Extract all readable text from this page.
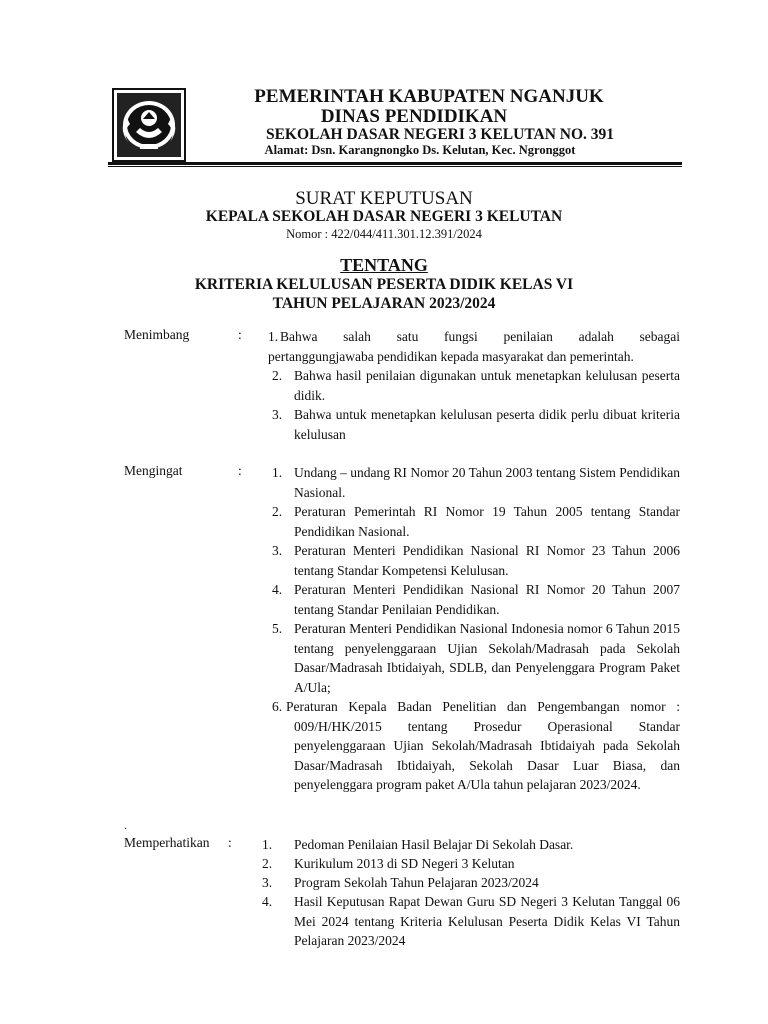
PEMERINTAH KABUPATEN NGANJUK
DINAS PENDIDIKAN
SEKOLAH DASAR NEGERI 3 KELUTAN NO. 391
Alamat: Dsn. Karangnongko Ds. Kelutan, Kec. Ngronggot
SURAT KEPUTUSAN
KEPALA SEKOLAH DASAR NEGERI 3 KELUTAN
Nomor : 422/044/411.301.12.391/2024
TENTANG
KRITERIA KELULUSAN PESERTA DIDIK KELAS VI
TAHUN PELAJARAN 2023/2024
Menimbang	: 1. Bahwa salah satu fungsi penilaian adalah sebagai
pertanggungjawaba pendidikan kepada masyarakat dan pemerintah.
2. Bahwa hasil penilaian digunakan untuk menetapkan kelulusan peserta didik.
3. Bahwa untuk menetapkan kelulusan peserta didik perlu dibuat kriteria kelulusan
Mengingat	: 1. Undang – undang RI Nomor 20 Tahun 2003 tentang Sistem Pendidikan Nasional.
2. Peraturan Pemerintah RI Nomor 19 Tahun 2005 tentang Standar Pendidikan Nasional.
3. Peraturan Menteri Pendidikan Nasional RI Nomor 23 Tahun 2006 tentang Standar Kompetensi Kelulusan.
4. Peraturan Menteri Pendidikan Nasional RI Nomor 20 Tahun 2007 tentang Standar Penilaian Pendidikan.
5. Peraturan Menteri Pendidikan Nasional Indonesia nomor 6 Tahun 2015 tentang penyelenggaraan Ujian Sekolah/Madrasah pada Sekolah Dasar/Madrasah Ibtidaiyah, SDLB, dan Penyelenggara Program Paket A/Ula;
6. Peraturan Kepala Badan Penelitian dan Pengembangan nomor :
009/H/HK/2015 tentang Prosedur Operasional Standar penyelenggaraan Ujian Sekolah/Madrasah Ibtidaiyah pada Sekolah Dasar/Madrasah Ibtidaiyah, Sekolah Dasar Luar Biasa, dan penyelenggara program paket A/Ula tahun pelajaran 2023/2024.
.
Memperhatikan : 1. Pedoman Penilaian Hasil Belajar Di Sekolah Dasar.
2. Kurikulum 2013 di SD Negeri 3 Kelutan
3. Program Sekolah Tahun Pelajaran 2023/2024
4. Hasil Keputusan Rapat Dewan Guru SD Negeri 3 Kelutan Tanggal 06 Mei 2024 tentang Kriteria Kelulusan Peserta Didik Kelas VI Tahun     Pelajaran 2023/2024
